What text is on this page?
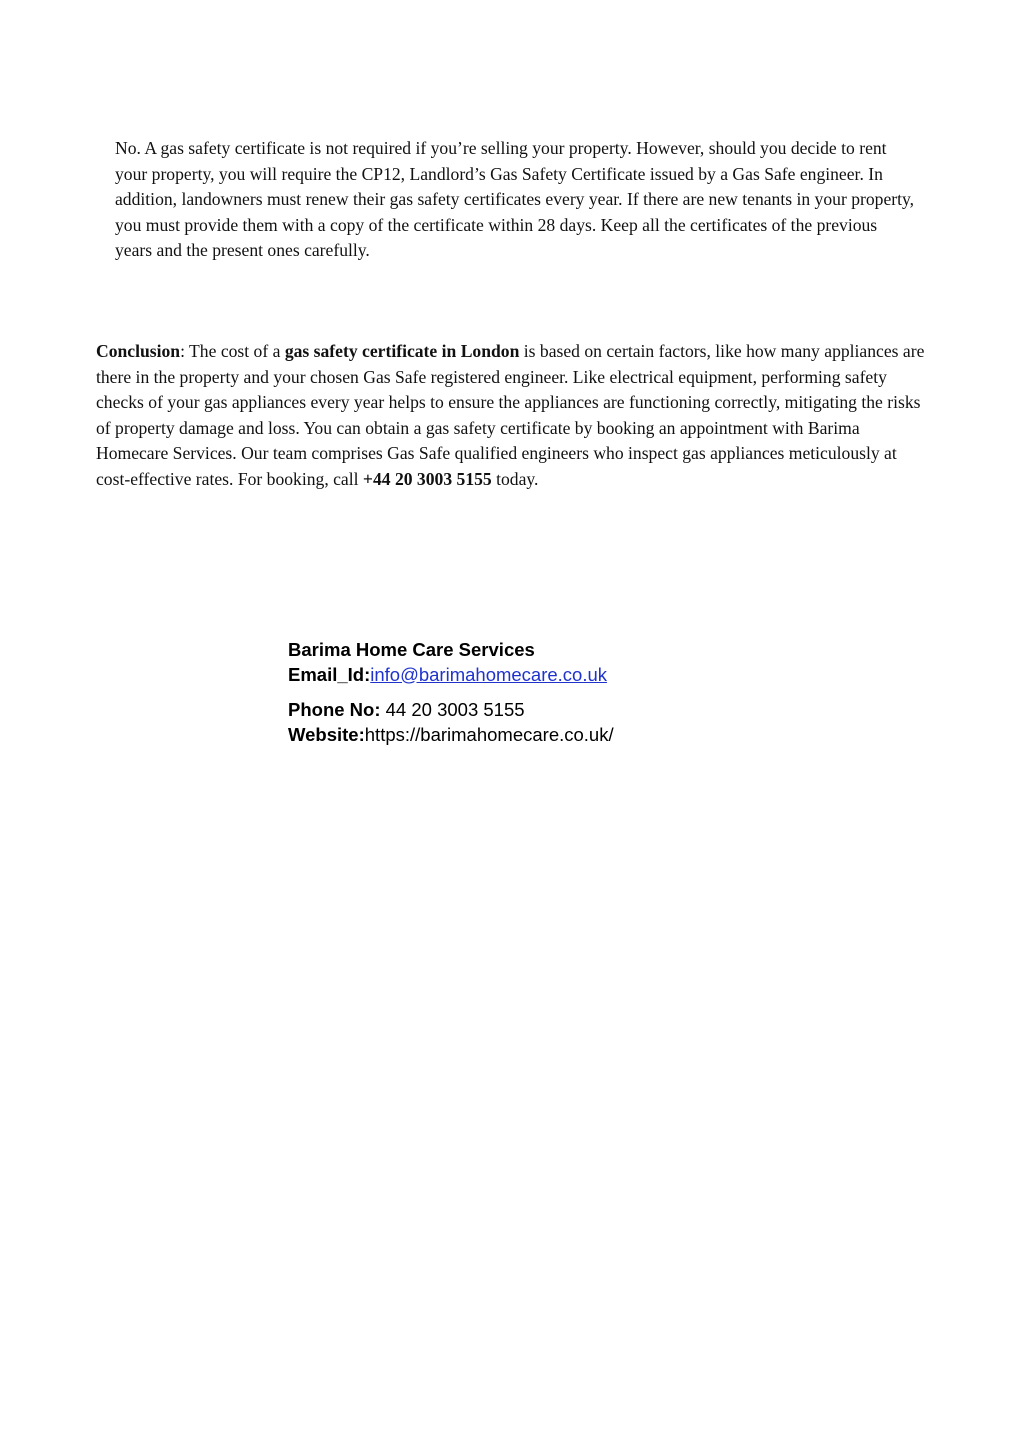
No. A gas safety certificate is not required if you’re selling your property. However, should you decide to rent your property, you will require the CP12, Landlord’s Gas Safety Certificate issued by a Gas Safe engineer. In addition, landowners must renew their gas safety certificates every year. If there are new tenants in your property, you must provide them with a copy of the certificate within 28 days. Keep all the certificates of the previous years and the present ones carefully.

Conclusion: The cost of a gas safety certificate in London is based on certain factors, like how many appliances are there in the property and your chosen Gas Safe registered engineer. Like electrical equipment, performing safety checks of your gas appliances every year helps to ensure the appliances are functioning correctly, mitigating the risks of property damage and loss. You can obtain a gas safety certificate by booking an appointment with Barima Homecare Services. Our team comprises Gas Safe qualified engineers who inspect gas appliances meticulously at cost-effective rates. For booking, call +44 20 3003 5155 today.

Barima Home Care Services
Email_Id:info@barimahomecare.co.uk
Phone No: 44 20 3003 5155
Website:https://barimahomecare.co.uk/
